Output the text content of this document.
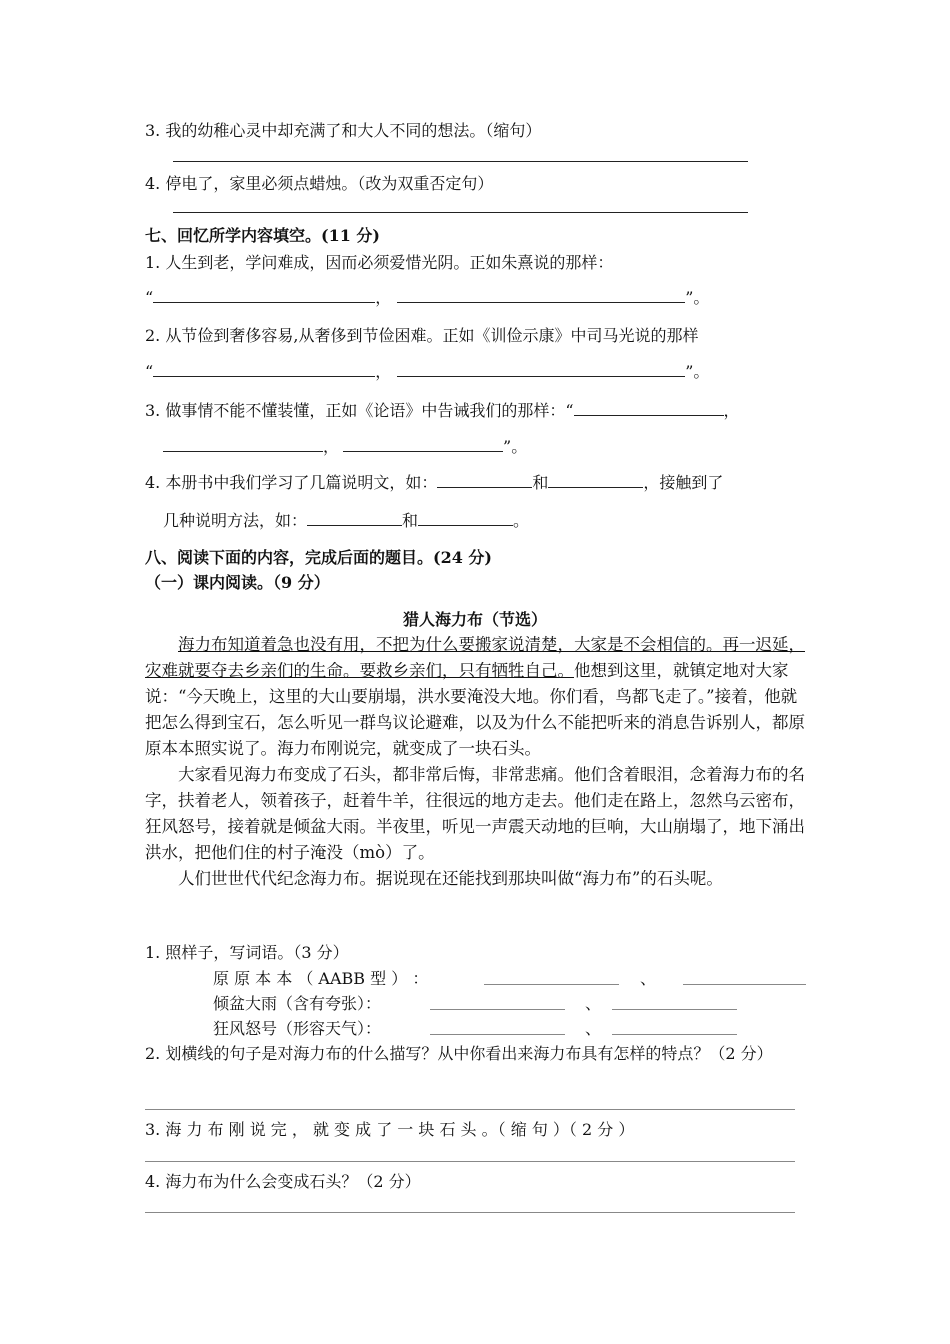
3. 我的幼稚心灵中却充满了和大人不同的想法。（缩句）
4. 停电了，家里必须点蜡烛。（改为双重否定句）
七、回忆所学内容填空。(11 分)
1. 人生到老，学问难成，因而必须爱惜光阴。正如朱熹说的那样：
“	，	”。
2. 从节俭到奢侈容易,从奢侈到节俭困难。正如《训俭示康》中司马光说的那样
“	，	”。
3. 做事情不能不懂装懂，正如《论语》中告诫我们的那样：“	，
，	”。
4. 本册书中我们学习了几篇说明文，如：	和	，接触到了
几种说明方法，如：	和	。
八、阅读下面的内容，完成后面的题目。(24 分)
（一）课内阅读。（9 分）
猎人海力布（节选）

海力布知道着急也没有用，不把为什么要搬家说清楚，大家是不会相信的。再一迟延，灾难就要夺去乡亲们的生命。要救乡亲们，只有牺牲自己。他想到这里，就镇定地对大家说：“今天晚上，这里的大山要崩塌，洪水要淹没大地。你们看，鸟都飞走了。”接着，他就把怎么得到宝石，怎么听见一群鸟议论避难，以及为什么不能把听来的消息告诉别人，都原原本本照实说了。海力布刚说完，就变成了一块石头。

大家看见海力布变成了石头，都非常后悔，非常悲痛。他们含着眼泪，念着海力布的名字，扶着老人，领着孩子，赶着牛羊，往很远的地方走去。他们走在路上，忽然乌云密布，狂风怒号，接着就是倾盆大雨。半夜里，听见一声震天动地的巨响，大山崩塌了，地下涌出洪水，把他们住的村子淹没（mò）了。

人们世世代代纪念海力布。据说现在还能找到那块叫做“海力布”的石头呢。

1. 照样子，写词语。（3 分）
原 原 本 本 （ AABB 型 ） ：	、
倾盆大雨（含有夸张）：	、
狂风怒号（形容天气）：	、
2. 划横线的句子是对海力布的什么描写？从中你看出来海力布具有怎样的特点？（2 分）
3. 海 力 布 刚 说 完 ， 就 变 成 了 一 块 石 头 。（ 缩 句 ）（ 2 分 ）
4. 海力布为什么会变成石头？（2 分）
